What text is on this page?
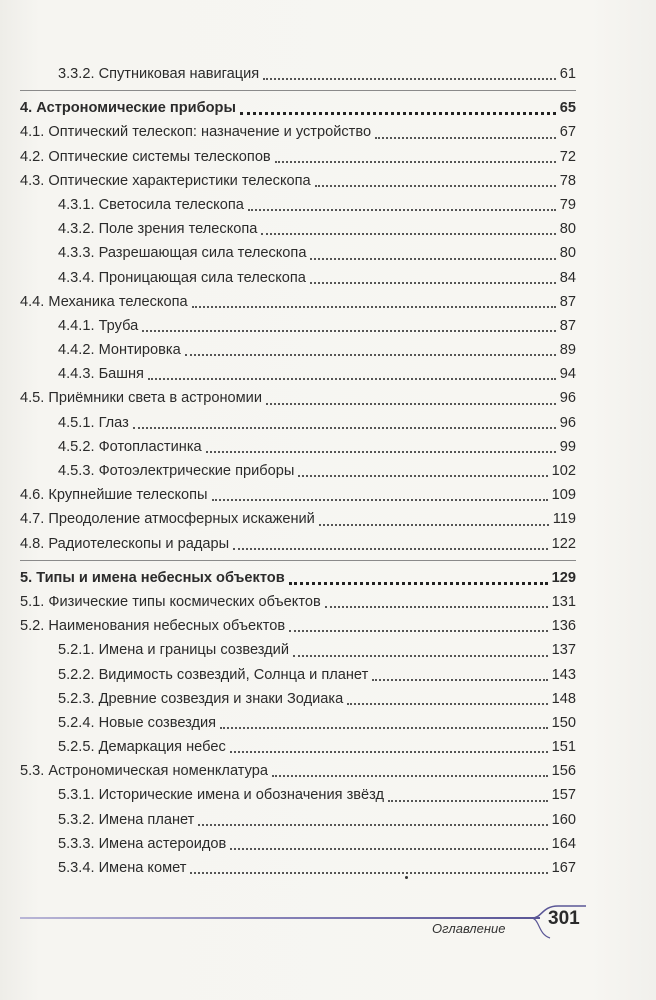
3.3.2. Спутниковая навигация	61
4. Астрономические приборы	65
4.1. Оптический телескоп: назначение и устройство	67
4.2. Оптические системы телескопов	72
4.3. Оптические характеристики телескопа	78
4.3.1. Светосила телескопа	79
4.3.2. Поле зрения телескопа	80
4.3.3. Разрешающая сила телескопа	80
4.3.4. Проницающая сила телескопа	84
4.4. Механика телескопа	87
4.4.1. Труба	87
4.4.2. Монтировка	89
4.4.3. Башня	94
4.5. Приёмники света в астрономии	96
4.5.1. Глаз	96
4.5.2. Фотопластинка	99
4.5.3. Фотоэлектрические приборы	102
4.6. Крупнейшие телескопы	109
4.7. Преодоление атмосферных искажений	119
4.8. Радиотелескопы и радары	122
5. Типы и имена небесных объектов	129
5.1. Физические типы космических объектов	131
5.2. Наименования небесных объектов	136
5.2.1. Имена и границы созвездий	137
5.2.2. Видимость созвездий, Солнца и планет	143
5.2.3. Древние созвездия и знаки Зодиака	148
5.2.4. Новые созвездия	150
5.2.5. Демаркация небес	151
5.3. Астрономическая номенклатура	156
5.3.1. Исторические имена и обозначения звёзд	157
5.3.2. Имена планет	160
5.3.3. Имена астероидов	164
5.3.4. Имена комет	167
Оглавление 301
